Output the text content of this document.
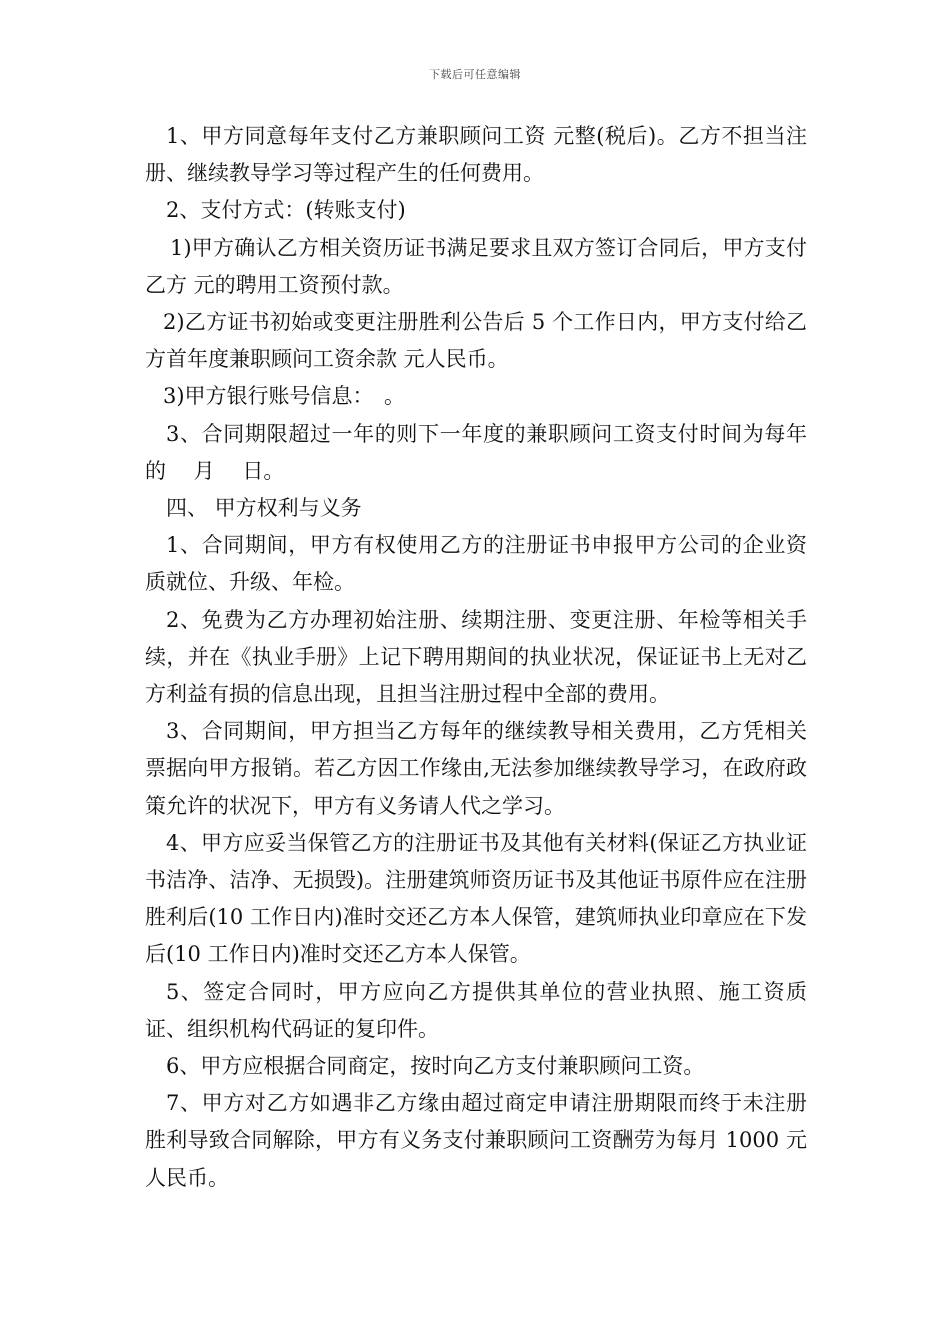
下载后可任意编辑

1、甲方同意每年支付乙方兼职顾问工资 元整(税后)。乙方不担当注册、继续教导学习等过程产生的任何费用。

2、支付方式：(转账支付)

1)甲方确认乙方相关资历证书满足要求且双方签订合同后，甲方支付乙方 元的聘用工资预付款。

2)乙方证书初始或变更注册胜利公告后 5 个工作日内，甲方支付给乙方首年度兼职顾问工资余款 元人民币。

3)甲方银行账号信息：　。

3、合同期限超过一年的则下一年度的兼职顾问工资支付时间为每年的　 月　 日。

四、 甲方权利与义务

1、合同期间，甲方有权使用乙方的注册证书申报甲方公司的企业资质就位、升级、年检。

2、免费为乙方办理初始注册、续期注册、变更注册、年检等相关手续，并在《执业手册》上记下聘用期间的执业状况，保证证书上无对乙方利益有损的信息出现，且担当注册过程中全部的费用。

3、合同期间，甲方担当乙方每年的继续教导相关费用，乙方凭相关票据向甲方报销。若乙方因工作缘由,无法参加继续教导学习，在政府政策允许的状况下，甲方有义务请人代之学习。

4、甲方应妥当保管乙方的注册证书及其他有关材料(保证乙方执业证书洁净、洁净、无损毁)。注册建筑师资历证书及其他证书原件应在注册胜利后(10 工作日内)准时交还乙方本人保管，建筑师执业印章应在下发后(10 工作日内)准时交还乙方本人保管。

5、签定合同时，甲方应向乙方提供其单位的营业执照、施工资质证、组织机构代码证的复印件。

6、甲方应根据合同商定，按时向乙方支付兼职顾问工资。

7、甲方对乙方如遇非乙方缘由超过商定申请注册期限而终于未注册胜利导致合同解除，甲方有义务支付兼职顾问工资酬劳为每月 1000 元人民币。
